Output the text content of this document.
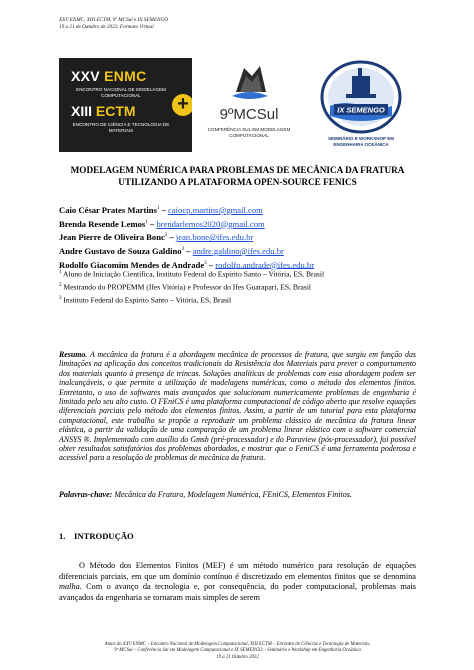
XXV ENMC, XIII ECTM, 9º MCSul e IX SEMENGO
19 a 21 de Outubro de 2022, Formato Virtual
XXV ENMC
ENCONTRO NACIONAL DE MODELAGEM COMPUTACIONAL
XIII ECTM
ENCONTRO DE CIÊNCIA E TECNOLOGIA DE MATERIAIS
+	9ºMCSul
CONFERÊNCIA SUL EM MODELAGEM COMPUTACIONAL
IX SEMENGO
SEMINÁRIO E WORKSHOP EM ENGENHARIA OCEÂNICA
MODELAGEM NUMÉRICA PARA PROBLEMAS DE MECÂNICA DA FRATURA UTILIZANDO A PLATAFORMA OPEN-SOURCE FENICS
Caio César Prates Martins$^1$ – caiocp.martins@gmail.com
Brenda Resende Lemos$^1$ – brendarlemos2020@gmail.com
Jean Pierre de Oliveira Bonc$^2$ – jean.bone@ifes.edu.br
Andre Gustavo de Souza Galdino$^3$ – andre.galdino@ifes.edu.br
Rodolfo Giacomim Mendes de Andrade$^3$ – rodolfo.andrade@ifes.edu.br
$^1$ Aluno de Iniciação Científica, Instituto Federal do Espírito Santo – Vitória, ES, Brasil
$^2$ Mestrando do PROPEMM (Ifes Vitória) e Professor do Ifes Guarapari, ES, Brasil
$^3$ Instituto Federal do Espírito Santo – Vitória, ES, Brasil

Resumo. A mecânica da fratura é a abordagem mecânica de processos de fratura, que surgiu em função das limitações na aplicação dos conceitos tradicionais da Resistência dos Materiais para prever o comportamento dos materiais quanto à presença de trincas. Soluções analíticas de problemas com essa abordagem podem ser inalcançáveis, o que permite a utilização de modelagens numéricas, como o método dos elementos finitos. Entretanto, o uso de softwares mais avançados que solucionam numericamente problemas de engenharia é limitado pelo seu alto custo. O FEniCS é uma plataforma computacional de código aberto que resolve equações diferenciais parciais pelo método dos elementos finitos. Assim, a partir de um tutorial para esta plataforma computacional, este trabalho se propõe a reproduzir um problema clássico de mecânica da fratura linear elástica, a partir da validação de uma comparação de um problema linear elástico com o software comercial ANSYS ®. Implementado com auxílio do Gmsh (pré-processador) e do Paraview (pós-processador), foi possível obter resultados satisfatórios dos problemas abordados, e mostrar que o FeniCS é uma ferramenta poderosa e acessível para a resolução de problemas de mecânica da fratura.

Palavras-chave: Mecânica da Fratura, Modelagem Numérica, FEniCS, Elementos Finitos.
1. INTRODUÇÃO

O Método dos Elementos Finitos (MEF) é um método numérico para resolução de equações diferenciais parciais, em que um domínio contínuo é discretizado em elementos finitos que se denomina malha. Com o avanço da tecnologia e, por consequência, do poder computacional, problemas mais avançados da engenharia se tornaram mais simples de serem

Anais do XXV ENMC – Encontro Nacional de Modelagem Computacional, XIII ECTM – Encontro de Ciências e Tecnologia de Materiais,
9º MCSul – Conferência Sul em Modelagem Computacional e IX SEMENGO – Seminário e Workshop em Engenharia Oceânica
19 a 21 Outubro 2022
